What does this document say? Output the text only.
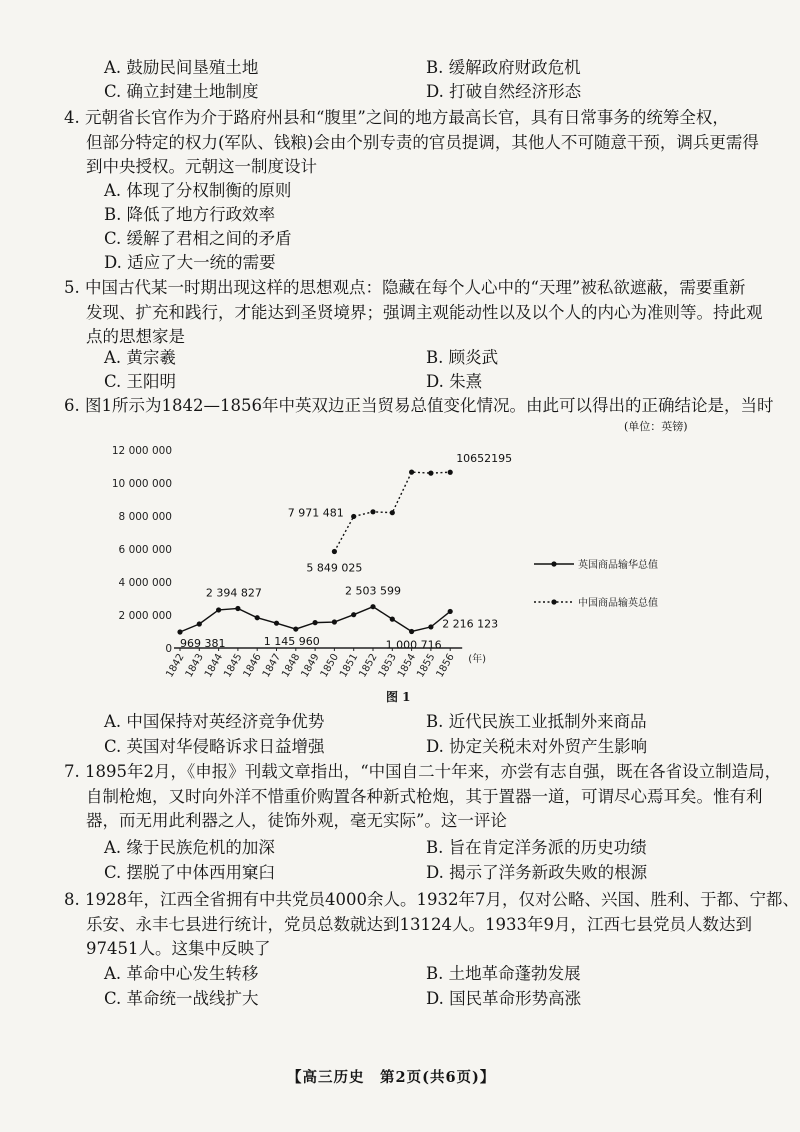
A. 鼓励民间垦殖土地	B. 缓解政府财政危机
C. 确立封建土地制度	D. 打破自然经济形态
4. 元朝省长官作为介于路府州县和“腹里”之间的地方最高长官，具有日常事务的统筹全权，
但部分特定的权力(军队、钱粮)会由个别专责的官员提调，其他人不可随意干预，调兵更需得
到中央授权。元朝这一制度设计
A. 体现了分权制衡的原则
B. 降低了地方行政效率
C. 缓解了君相之间的矛盾
D. 适应了大一统的需要
5. 中国古代某一时期出现这样的思想观点：隐藏在每个人心中的“天理”被私欲遮蔽，需要重新
发现、扩充和践行，才能达到圣贤境界；强调主观能动性以及以个人的内心为准则等。持此观
点的思想家是
A. 黄宗羲	B. 顾炎武
C. 王阳明	D. 朱熹
6. 图1所示为1842—1856年中英双边正当贸易总值变化情况。由此可以得出的正确结论是，当时
(单位：英镑)
0
2 000 000
4 000 000
6 000 000
8 000 000
10 000 000
12 000 000
1842
1843
1844
1845
1846
1847
1848
1849
1850
1851
1852
1853
1854
1855
1856 (年)
969 381
2 394 827
1 145 960
2 503 599
1 000 716
2 216 123
5 849 025
7 971 481
10652195
英国商品输华总值
中国商品输英总值
图 1
A. 中国保持对英经济竞争优势	B. 近代民族工业抵制外来商品
C. 英国对华侵略诉求日益增强	D. 协定关税未对外贸产生影响
7. 1895年2月，《申报》刊载文章指出，“中国自二十年来，亦尝有志自强，既在各省设立制造局，
自制枪炮，又时向外洋不惜重价购置各种新式枪炮，其于置器一道，可谓尽心焉耳矣。惟有利
器，而无用此利器之人，徒饰外观，毫无实际”。这一评论
A. 缘于民族危机的加深	B. 旨在肯定洋务派的历史功绩
C. 摆脱了中体西用窠臼	D. 揭示了洋务新政失败的根源
8. 1928年，江西全省拥有中共党员4000余人。1932年7月，仅对公略、兴国、胜利、于都、宁都、
乐安、永丰七县进行统计，党员总数就达到13124人。1933年9月，江西七县党员人数达到
97451人。这集中反映了
A. 革命中心发生转移	B. 土地革命蓬勃发展
C. 革命统一战线扩大	D. 国民革命形势高涨
【高三历史　第2页(共6页)】
